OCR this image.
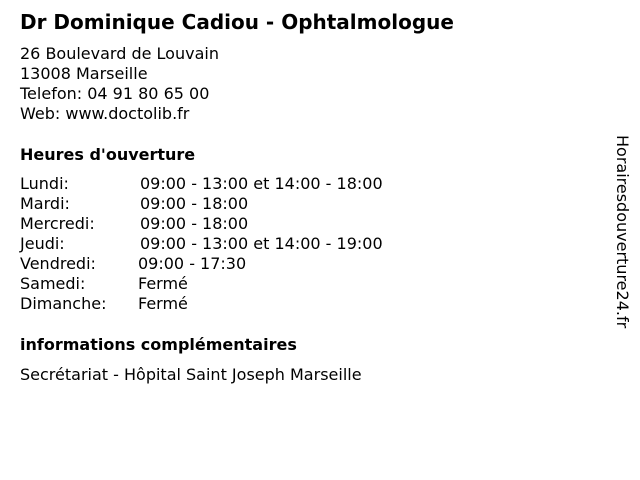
Dr Dominique Cadiou - Ophtalmologue
26 Boulevard de Louvain
13008 Marseille
Telefon: 04 91 80 65 00
Web: www.doctolib.fr
Heures d'ouverture
Lundi:	09:00 - 13:00 et 14:00 - 18:00
Mardi:	09:00 - 18:00
Mercredi:	09:00 - 18:00
Jeudi:	09:00 - 13:00 et 14:00 - 19:00
Vendredi:	09:00 - 17:30
Samedi:	Fermé
Dimanche: Fermé
informations complémentaires
Secrétariat - Hôpital Saint Joseph Marseille
Horairesdouverture24.fr
